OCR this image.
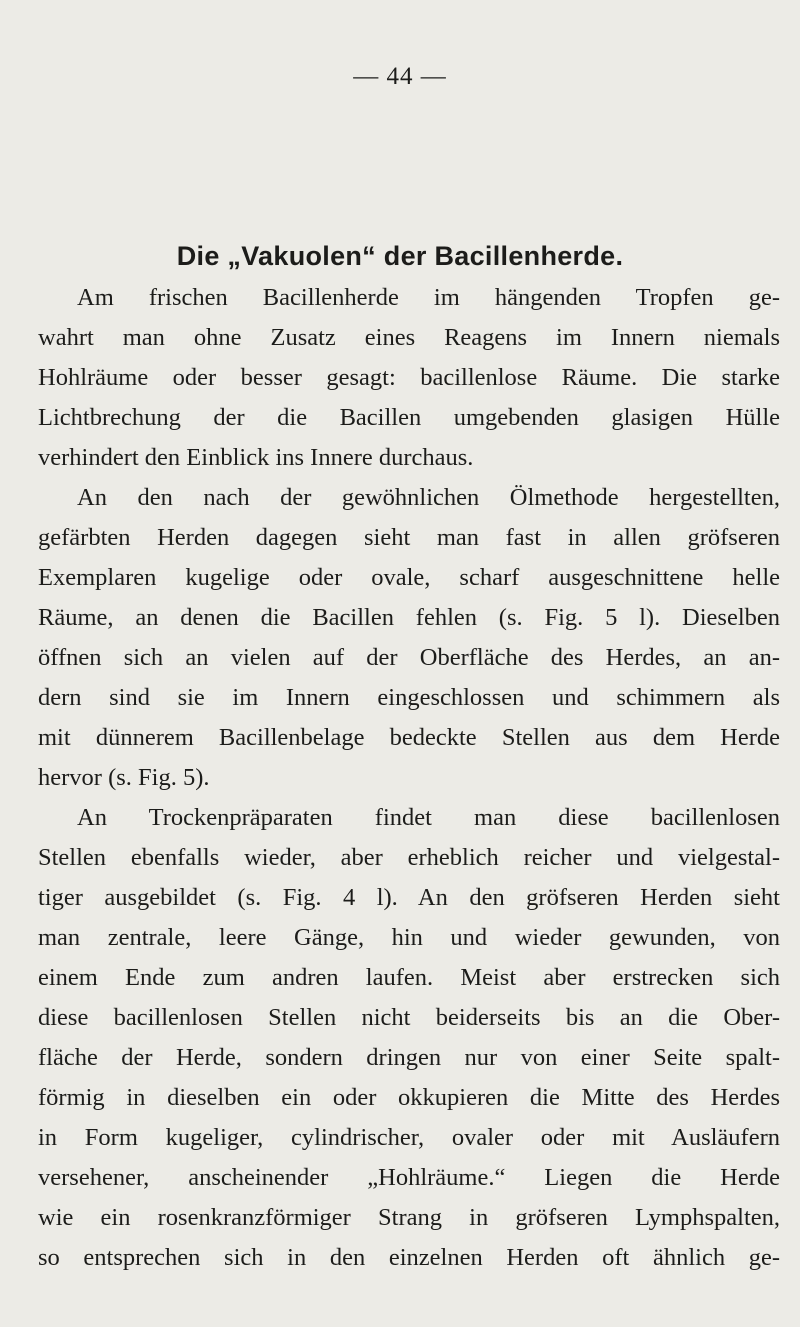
— 44 —
Die „Vakuolen“ der Bacillenherde.
Am frischen Bacillenherde im hängenden Tropfen ge-
wahrt man ohne Zusatz eines Reagens im Innern niemals
Hohlräume oder besser gesagt: bacillenlose Räume. Die starke
Lichtbrechung der die Bacillen umgebenden glasigen Hülle
verhindert den Einblick ins Innere durchaus.
An den nach der gewöhnlichen Ölmethode hergestellten,
gefärbten Herden dagegen sieht man fast in allen gröfseren
Exemplaren kugelige oder ovale, scharf ausgeschnittene helle
Räume, an denen die Bacillen fehlen (s. Fig. 5 l). Dieselben
öffnen sich an vielen auf der Oberfläche des Herdes, an an-
dern sind sie im Innern eingeschlossen und schimmern als
mit dünnerem Bacillenbelage bedeckte Stellen aus dem Herde
hervor (s. Fig. 5).
An Trockenpräparaten findet man diese bacillenlosen
Stellen ebenfalls wieder, aber erheblich reicher und vielgestal-
tiger ausgebildet (s. Fig. 4 l). An den gröfseren Herden sieht
man zentrale, leere Gänge, hin und wieder gewunden, von
einem Ende zum andren laufen. Meist aber erstrecken sich
diese bacillenlosen Stellen nicht beiderseits bis an die Ober-
fläche der Herde, sondern dringen nur von einer Seite spalt-
förmig in dieselben ein oder okkupieren die Mitte des Herdes
in Form kugeliger, cylindrischer, ovaler oder mit Ausläufern
versehener, anscheinender „Hohlräume.“ Liegen die Herde
wie ein rosenkranzförmiger Strang in gröfseren Lymphspalten,
so entsprechen sich in den einzelnen Herden oft ähnlich ge-
